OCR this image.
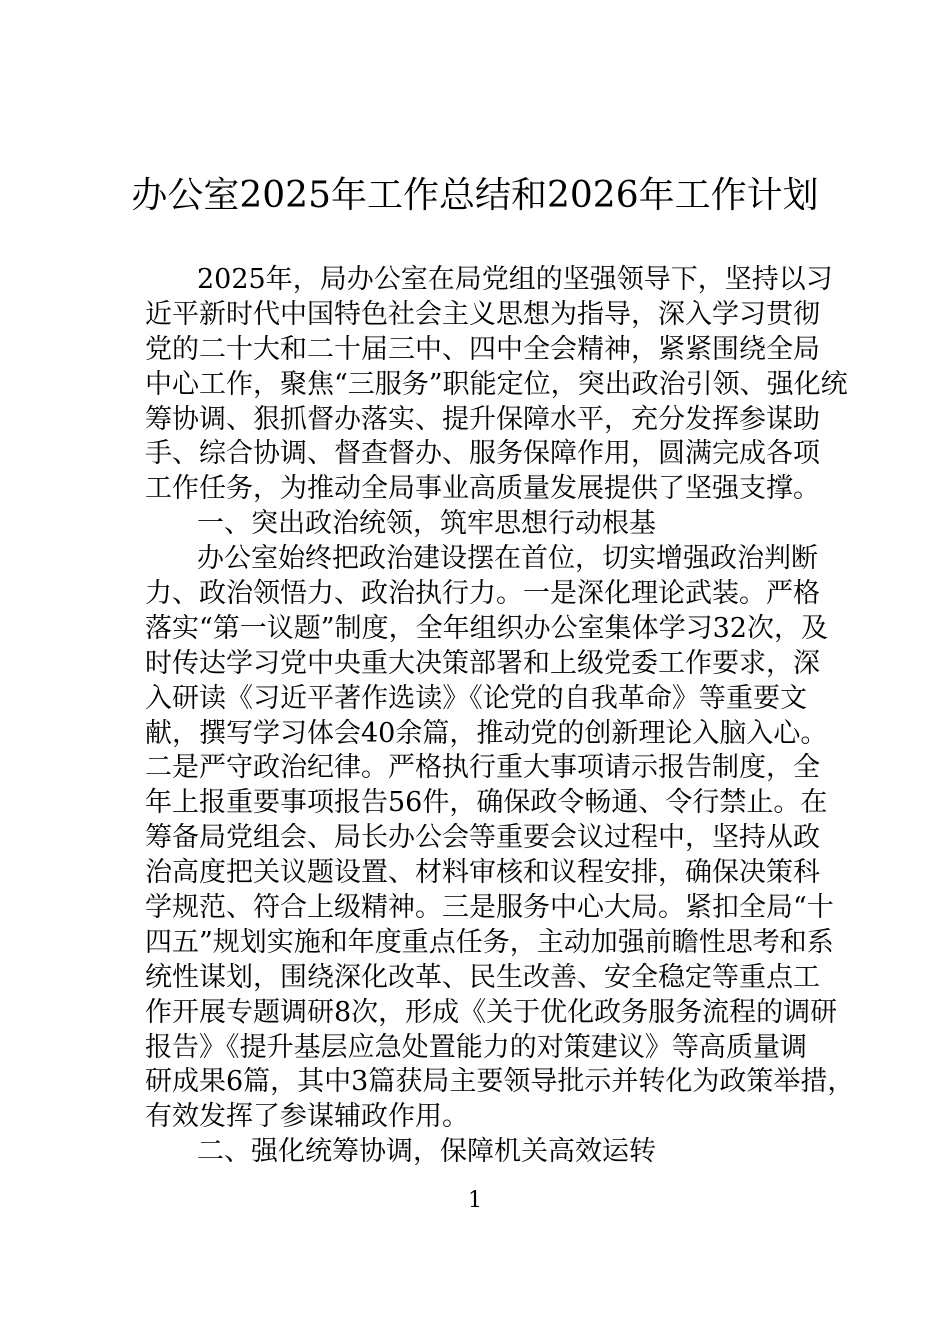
办公室2025年工作总结和2026年工作计划
2025年，局办公室在局党组的坚强领导下，坚持以习
近平新时代中国特色社会主义思想为指导，深入学习贯彻
党的二十大和二十届三中、四中全会精神，紧紧围绕全局
中心工作，聚焦“三服务”职能定位，突出政治引领、强化统
筹协调、狠抓督办落实、提升保障水平，充分发挥参谋助
手、综合协调、督查督办、服务保障作用，圆满完成各项
工作任务，为推动全局事业高质量发展提供了坚强支撑。
一、突出政治统领，筑牢思想行动根基
办公室始终把政治建设摆在首位，切实增强政治判断
力、政治领悟力、政治执行力。一是深化理论武装。严格
落实“第一议题”制度，全年组织办公室集体学习32次，及
时传达学习党中央重大决策部署和上级党委工作要求，深
入研读《习近平著作选读》《论党的自我革命》等重要文
献，撰写学习体会40余篇，推动党的创新理论入脑入心。
二是严守政治纪律。严格执行重大事项请示报告制度，全
年上报重要事项报告56件，确保政令畅通、令行禁止。在
筹备局党组会、局长办公会等重要会议过程中，坚持从政
治高度把关议题设置、材料审核和议程安排，确保决策科
学规范、符合上级精神。三是服务中心大局。紧扣全局“十
四五”规划实施和年度重点任务，主动加强前瞻性思考和系
统性谋划，围绕深化改革、民生改善、安全稳定等重点工
作开展专题调研8次，形成《关于优化政务服务流程的调研
报告》《提升基层应急处置能力的对策建议》等高质量调
研成果6篇，其中3篇获局主要领导批示并转化为政策举措，
有效发挥了参谋辅政作用。
二、强化统筹协调，保障机关高效运转
1
